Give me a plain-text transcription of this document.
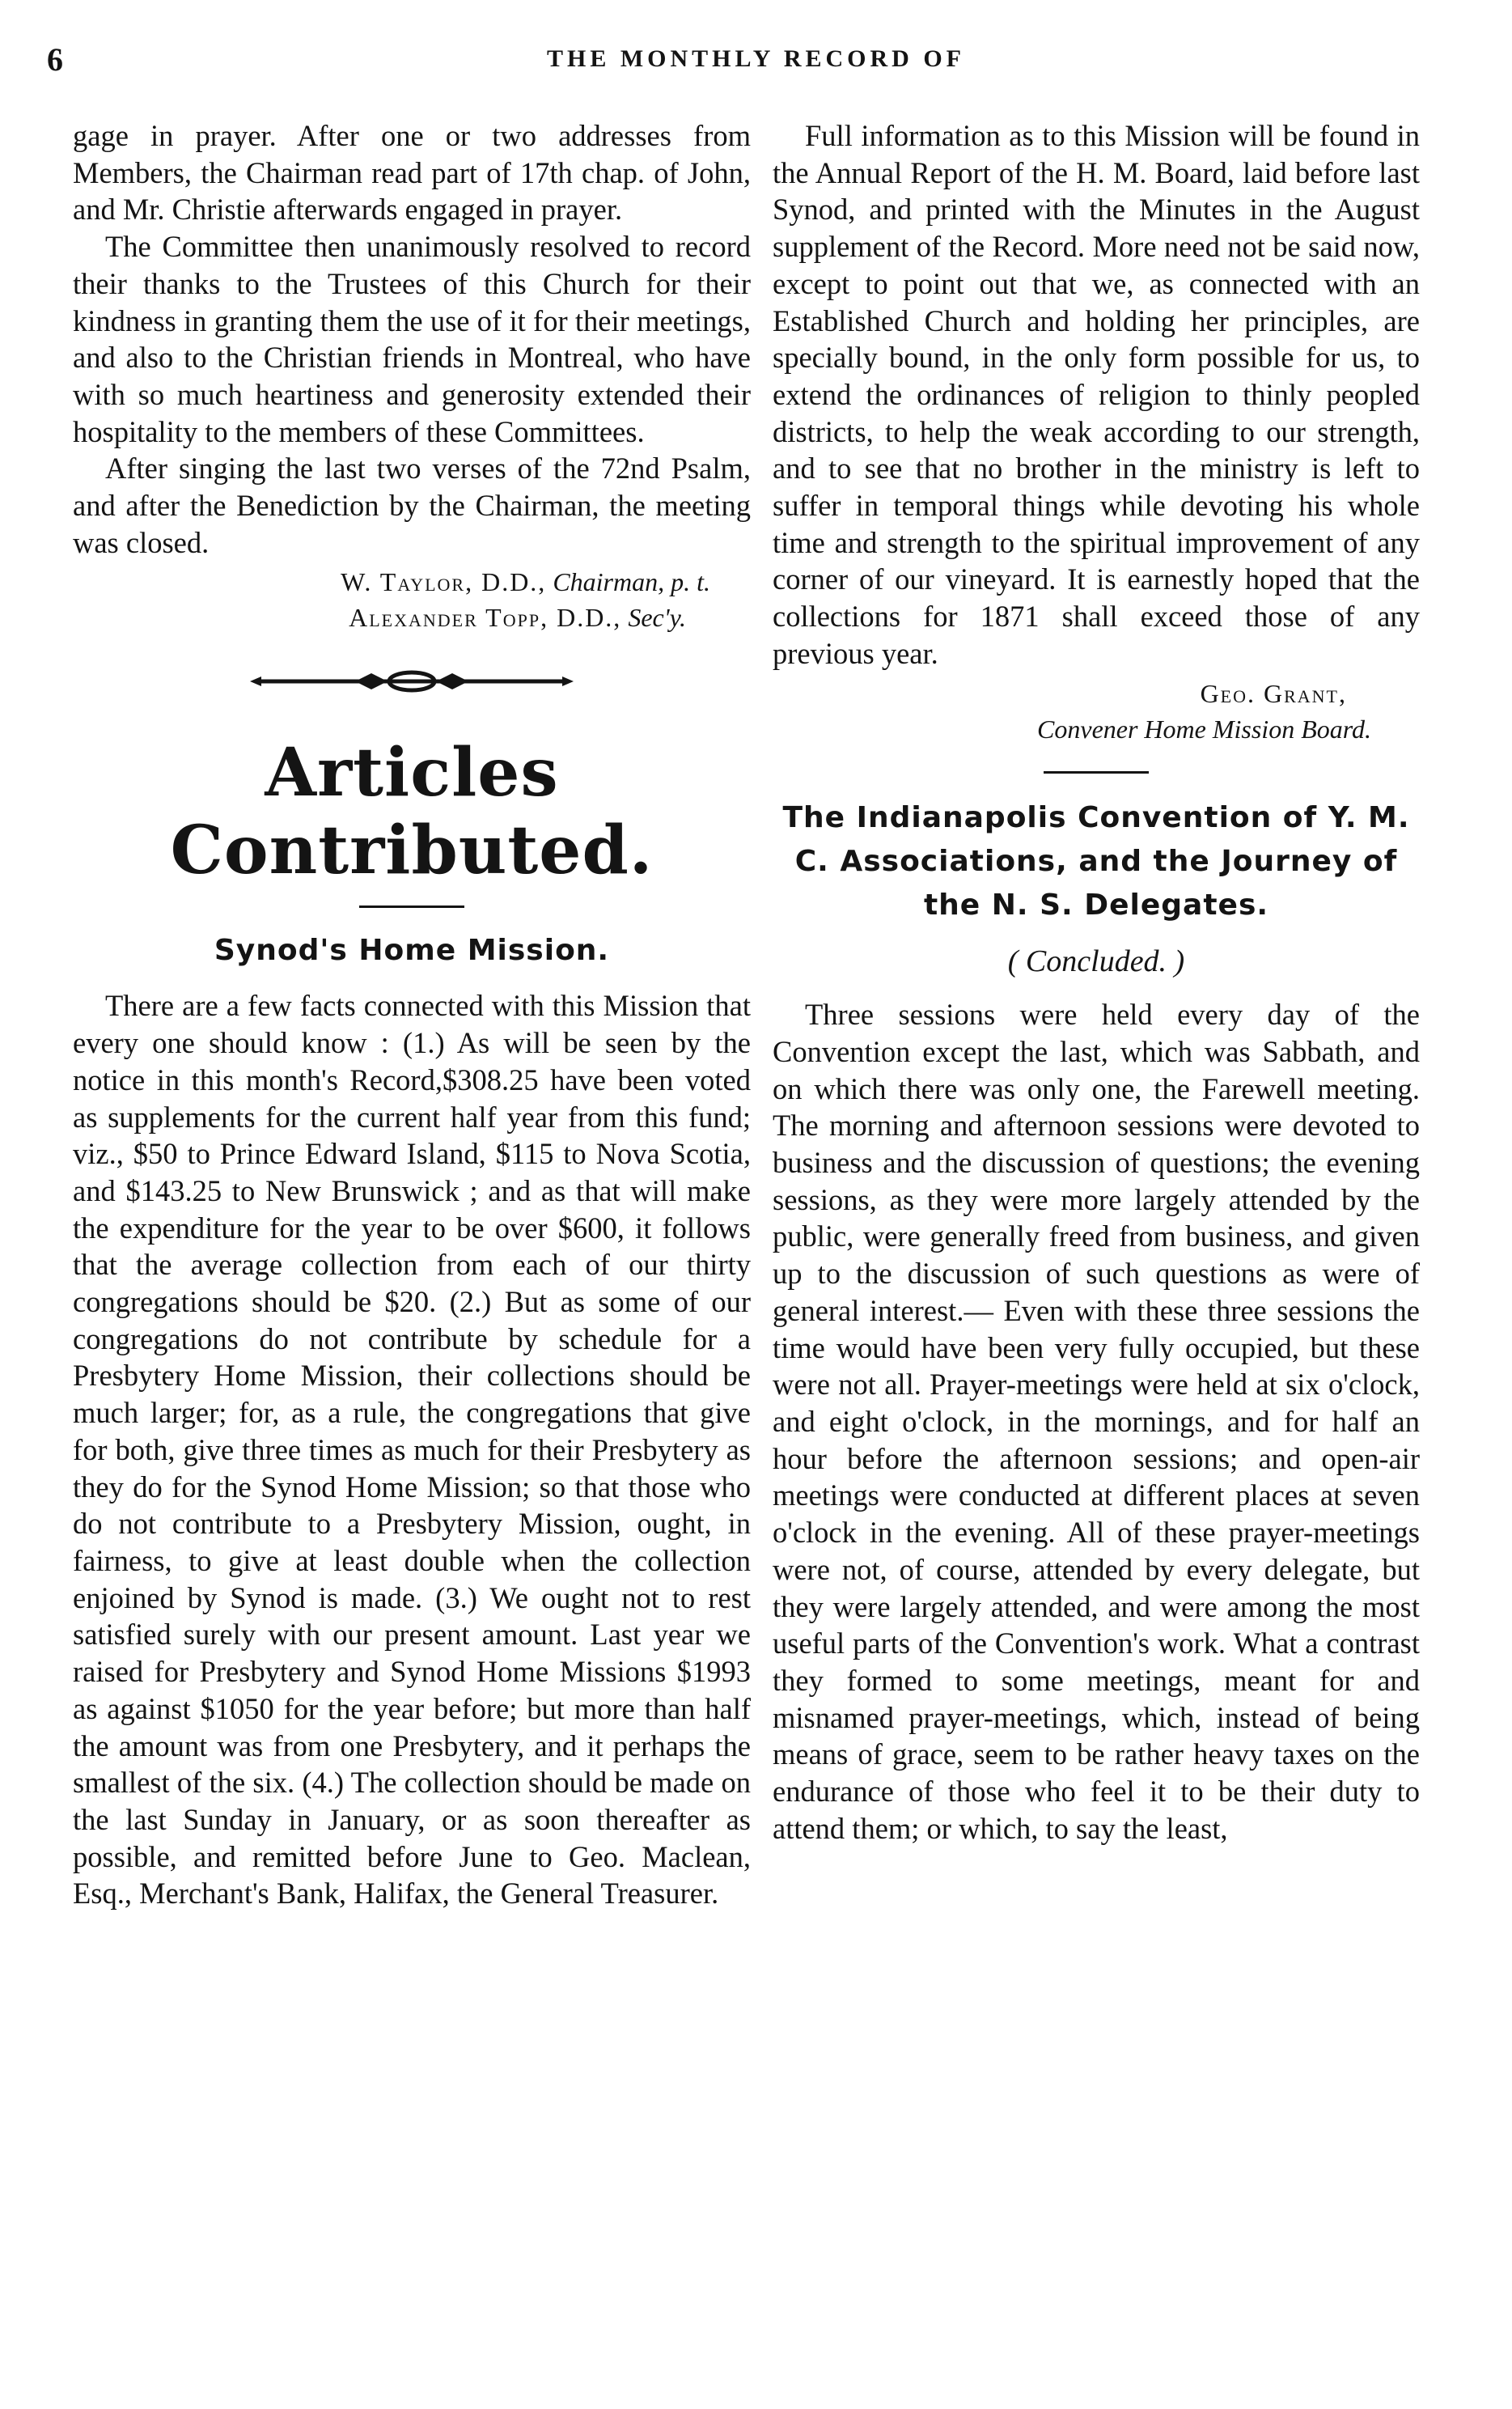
6	THE MONTHLY RECORD OF

gage in prayer. After one or two addresses from Members, the Chairman read part of 17th chap. of John, and Mr. Christie afterwards engaged in prayer.

The Committee then unanimously resolved to record their thanks to the Trustees of this Church for their kindness in granting them the use of it for their meetings, and also to the Christian friends in Montreal, who have with so much heartiness and generosity extended their hospitality to the members of these Committees.

After singing the last two verses of the 72nd Psalm, and after the Benediction by the Chairman, the meeting was closed.

W. Taylor, D.D., Chairman, p. t.
Alexander Topp, D.D., Sec'y.
Articles Contributed.
Synod's Home Mission.

There are a few facts connected with this Mission that every one should know : (1.) As will be seen by the notice in this month's Record,$308.25 have been voted as supplements for the current half year from this fund; viz., $50 to Prince Edward Island, $115 to Nova Scotia, and $143.25 to New Brunswick ; and as that will make the expenditure for the year to be over $600, it follows that the average collection from each of our thirty congregations should be $20. (2.) But as some of our congregations do not contribute by schedule for a Presbytery Home Mission, their collections should be much larger; for, as a rule, the congregations that give for both, give three times as much for their Presbytery as they do for the Synod Home Mission; so that those who do not contribute to a Presbytery Mission, ought, in fairness, to give at least double when the collection enjoined by Synod is made. (3.) We ought not to rest satisfied surely with our present amount. Last year we raised for Presbytery and Synod Home Missions $1993 as against $1050 for the year before; but more than half the amount was from one Presbytery, and it perhaps the smallest of the six. (4.) The collection should be made on the last Sunday in January, or as soon thereafter as possible, and remitted before June to Geo. Maclean, Esq., Merchant's Bank, Halifax, the General Treasurer.

Full information as to this Mission will be found in the Annual Report of the H. M. Board, laid before last Synod, and printed with the Minutes in the August supplement of the Record. More need not be said now, except to point out that we, as connected with an Established Church and holding her principles, are specially bound, in the only form possible for us, to extend the ordinances of religion to thinly peopled districts, to help the weak according to our strength, and to see that no brother in the ministry is left to suffer in temporal things while devoting his whole time and strength to the spiritual improvement of any corner of our vineyard. It is earnestly hoped that the collections for 1871 shall exceed those of any previous year.

Geo. Grant,
Convener Home Mission Board.
The Indianapolis Convention of Y. M. C. Associations, and the Journey of the N. S. Delegates.
( Concluded. )

Three sessions were held every day of the Convention except the last, which was Sabbath, and on which there was only one, the Farewell meeting. The morning and afternoon sessions were devoted to business and the discussion of questions; the evening sessions, as they were more largely attended by the public, were generally freed from business, and given up to the discussion of such questions as were of general interest.— Even with these three sessions the time would have been very fully occupied, but these were not all. Prayer-meetings were held at six o'clock, and eight o'clock, in the mornings, and for half an hour before the afternoon sessions; and open-air meetings were conducted at different places at seven o'clock in the evening. All of these prayer-meetings were not, of course, attended by every delegate, but they were largely attended, and were among the most useful parts of the Convention's work. What a contrast they formed to some meetings, meant for and misnamed prayer-meetings, which, instead of being means of grace, seem to be rather heavy taxes on the endurance of those who feel it to be their duty to attend them; or which, to say the least,
